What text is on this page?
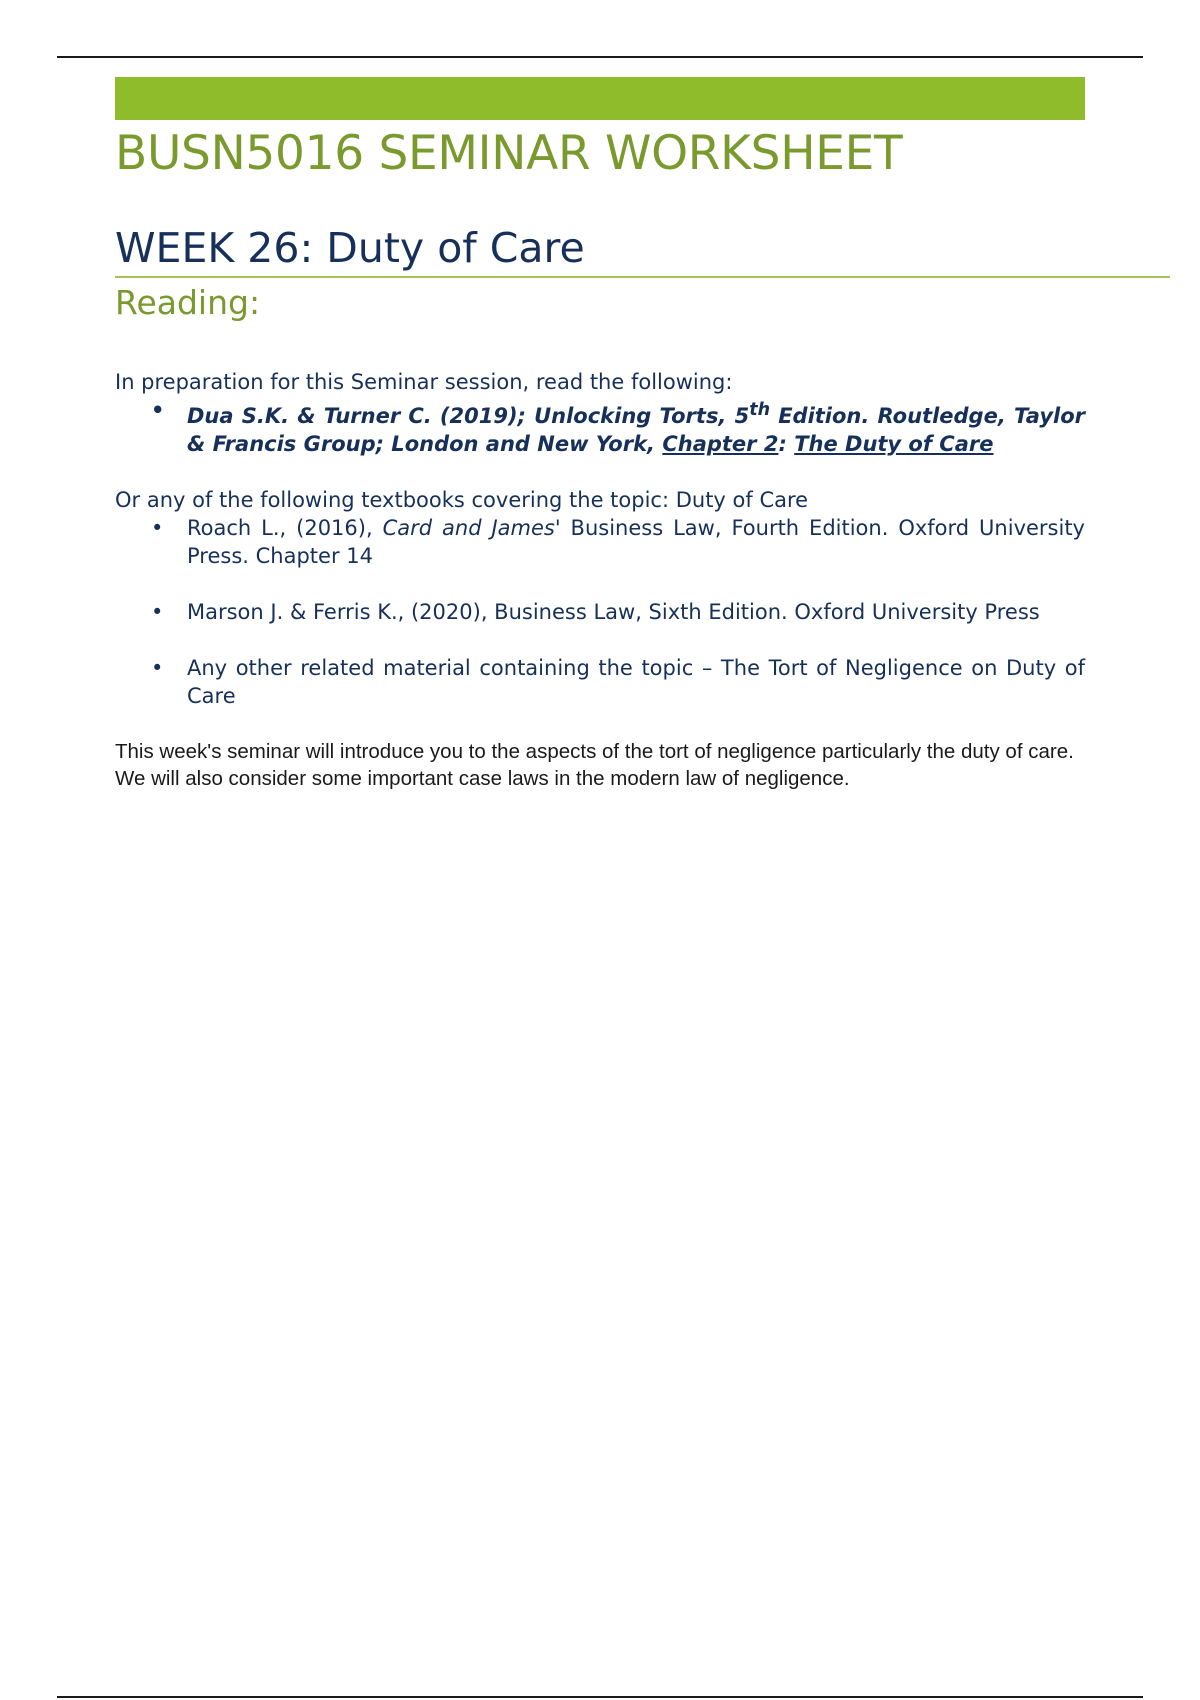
BUSN5016 SEMINAR WORKSHEET
WEEK 26: Duty of Care
Reading:

In preparation for this Seminar session, read the following:

• Dua S.K. & Turner C. (2019); Unlocking Torts, 5th Edition. Routledge, Taylor & Francis Group; London and New York, Chapter 2: The Duty of Care

Or any of the following textbooks covering the topic: Duty of Care

• Roach L., (2016), Card and James' Business Law, Fourth Edition. Oxford University Press. Chapter 14
• Marson J. & Ferris K., (2020), Business Law, Sixth Edition. Oxford University Press
• Any other related material containing the topic – The Tort of Negligence on Duty of Care

This week's seminar will introduce you to the aspects of the tort of negligence particularly the duty of care. We will also consider some important case laws in the modern law of negligence.
